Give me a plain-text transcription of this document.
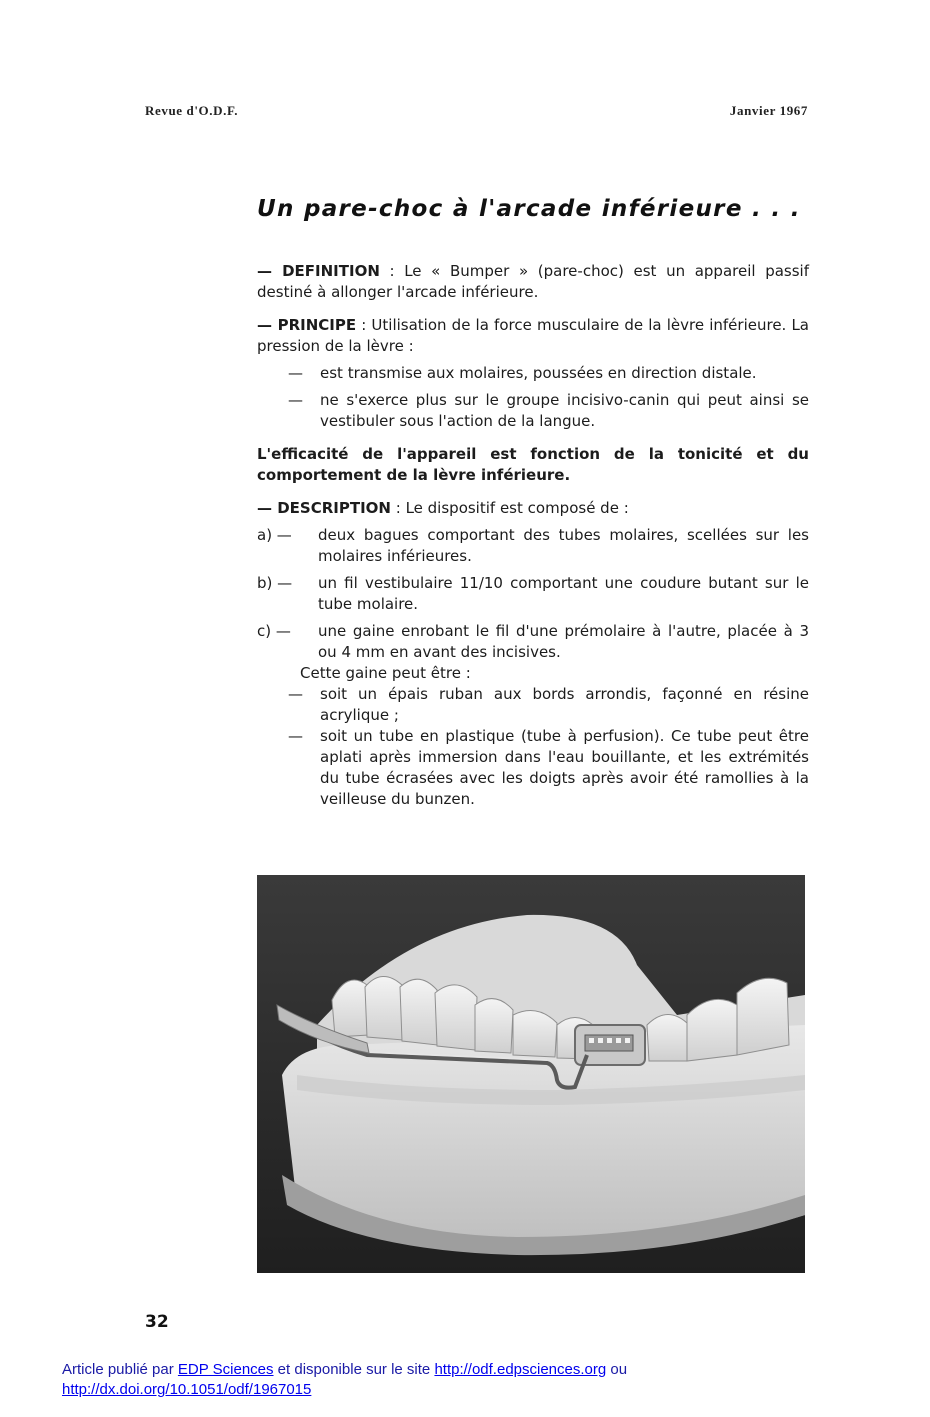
Revue d'O.D.F.	Janvier 1967
Un pare-choc à l'arcade inférieure . . .

— DEFINITION : Le « Bumper » (pare-choc) est un appareil passif destiné à allonger l'arcade inférieure.

— PRINCIPE : Utilisation de la force musculaire de la lèvre inférieure. La pression de la lèvre :

— est transmise aux molaires, poussées en direction distale.
— ne s'exerce plus sur le groupe incisivo-canin qui peut ainsi se vestibuler sous l'action de la langue.

L'efficacité de l'appareil est fonction de la tonicité et du comportement de la lèvre inférieure.

— DESCRIPTION : Le dispositif est composé de :

a) — deux bagues comportant des tubes molaires, scellées sur les molaires inférieures.
b) — un fil vestibulaire 11/10 comportant une coudure butant sur le tube molaire.
c) — une gaine enrobant le fil d'une prémolaire à l'autre, placée à 3 ou 4 mm en avant des incisives.

Cette gaine peut être :

— soit un épais ruban aux bords arrondis, façonné en résine acrylique ;
— soit un tube en plastique (tube à perfusion). Ce tube peut être aplati après immersion dans l'eau bouillante, et les extrémités du tube écrasées avec les doigts après avoir été ramollies à la veilleuse du bunzen.
32
Article publié par EDP Sciences et disponible sur le site http://odf.edpsciences.org ou
http://dx.doi.org/10.1051/odf/1967015
